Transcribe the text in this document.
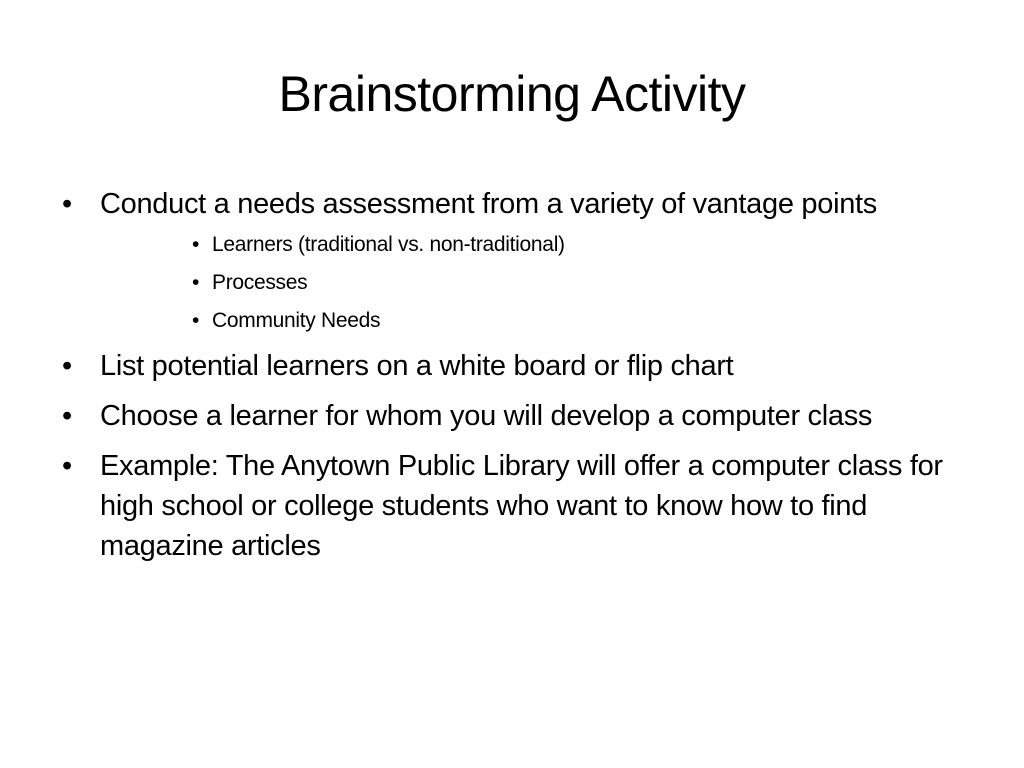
Brainstorming Activity
• Conduct a needs assessment from a variety of vantage points
• Learners (traditional vs. non-traditional)
• Processes
• Community Needs
• List potential learners on a white board or flip chart
• Choose a learner for whom you will develop a computer class
• Example: The Anytown Public Library will offer a computer class for high school or college students who want to know how to find magazine articles
